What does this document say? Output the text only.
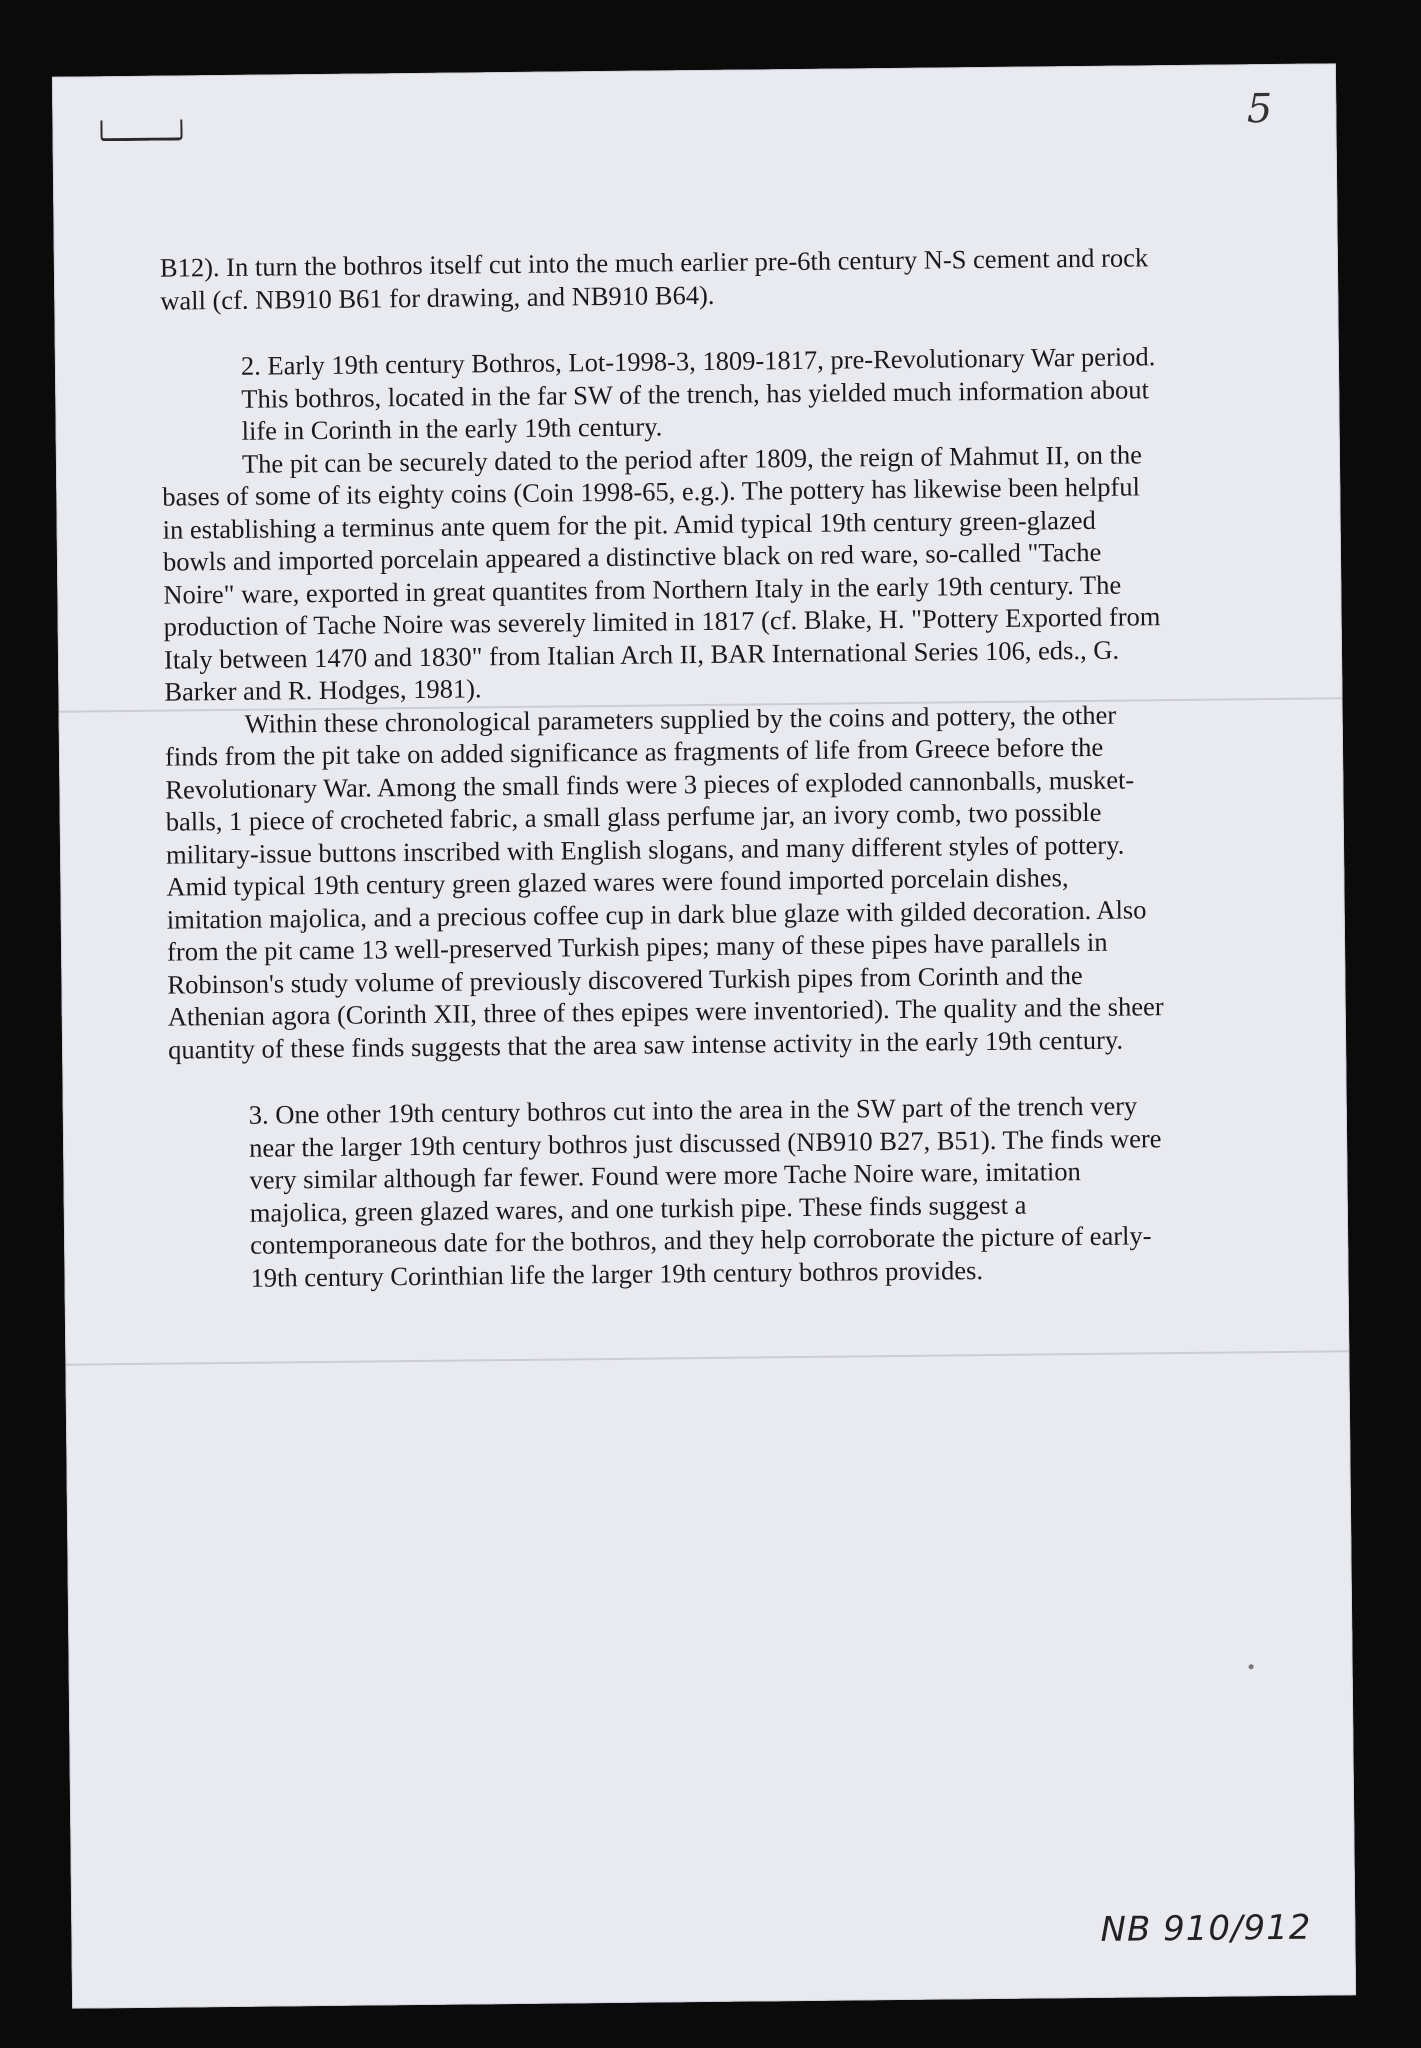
5

B12). In turn the bothros itself cut into the much earlier pre-6th century N-S cement and rock wall (cf. NB910 B61 for drawing, and NB910 B64).

2. Early 19th century Bothros, Lot-1998-3, 1809-1817, pre-Revolutionary War period. This bothros, located in the far SW of the trench, has yielded much information about life in Corinth in the early 19th century.

The pit can be securely dated to the period after 1809, the reign of Mahmut II, on the bases of some of its eighty coins (Coin 1998-65, e.g.). The pottery has likewise been helpful in establishing a terminus ante quem for the pit. Amid typical 19th century green-glazed bowls and imported porcelain appeared a distinctive black on red ware, so-called "Tache Noire" ware, exported in great quantites from Northern Italy in the early 19th century. The production of Tache Noire was severely limited in 1817 (cf. Blake, H. "Pottery Exported from Italy between 1470 and 1830" from Italian Arch II, BAR International Series 106, eds., G. Barker and R. Hodges, 1981).

Within these chronological parameters supplied by the coins and pottery, the other finds from the pit take on added significance as fragments of life from Greece before the Revolutionary War. Among the small finds were 3 pieces of exploded cannonballs, musket-balls, 1 piece of crocheted fabric, a small glass perfume jar, an ivory comb, two possible military-issue buttons inscribed with English slogans, and many different styles of pottery. Amid typical 19th century green glazed wares were found imported porcelain dishes, imitation majolica, and a precious coffee cup in dark blue glaze with gilded decoration. Also from the pit came 13 well-preserved Turkish pipes; many of these pipes have parallels in Robinson's study volume of previously discovered Turkish pipes from Corinth and the Athenian agora (Corinth XII, three of thes epipes were inventoried). The quality and the sheer quantity of these finds suggests that the area saw intense activity in the early 19th century.

3. One other 19th century bothros cut into the area in the SW part of the trench very near the larger 19th century bothros just discussed (NB910 B27, B51). The finds were very similar although far fewer. Found were more Tache Noire ware, imitation majolica, green glazed wares, and one turkish pipe. These finds suggest a contemporaneous date for the bothros, and they help corroborate the picture of early-19th century Corinthian life the larger 19th century bothros provides.

NB 910/912
